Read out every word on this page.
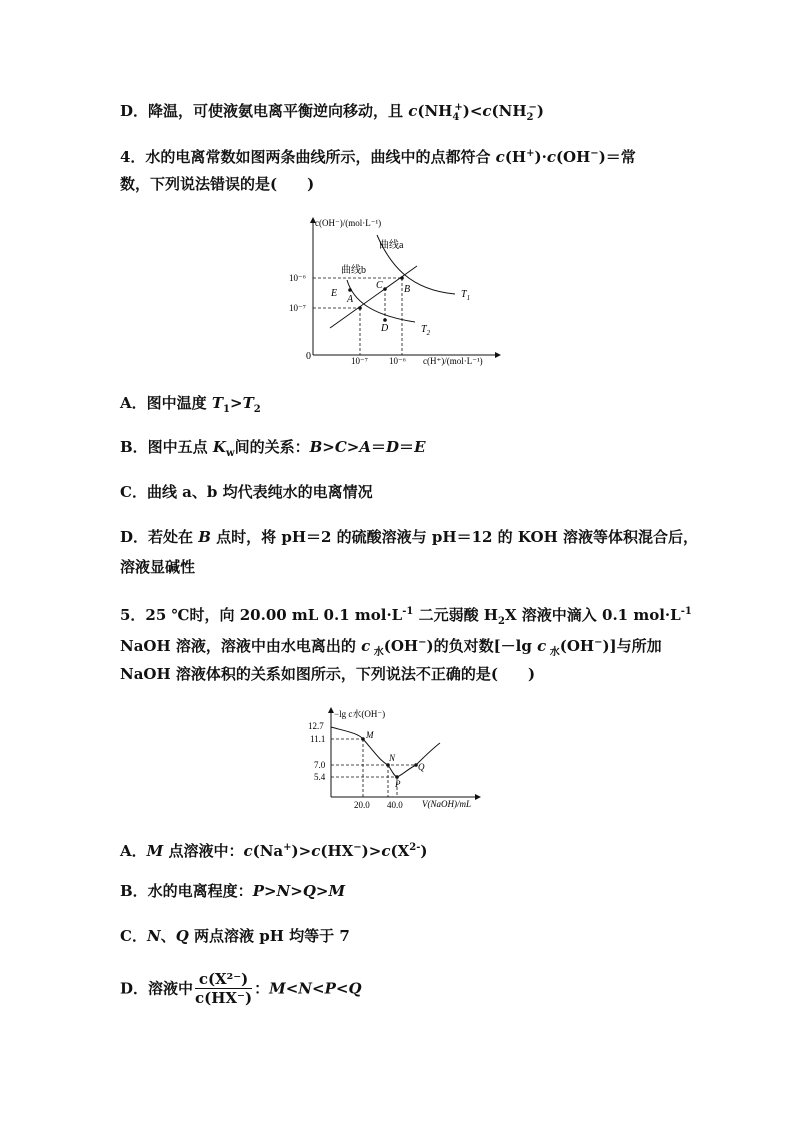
D．降温，可使液氨电离平衡逆向移动，且 $c(NH_4^+)<c(NH_2^-)$
4．水的电离常数如图两条曲线所示，曲线中的点都符合 c(H+)·c(OH−)＝常
数，下列说法错误的是(　　)
c(OH⁻)/(mol·L⁻¹)
c(H⁺)/(mol·L⁻¹)
0
10⁻⁶
10⁻⁷
10⁻⁷ 10⁻⁶
A
B
C
D
E
曲线a
曲线b
$T_1$
$T_2$
A．图中温度 $T_1>T_2$
B．图中五点 $K_w$间的关系：B>C>A＝D＝E
C．曲线 a、b 均代表纯水的电离情况
D．若处在 B 点时，将 pH＝2 的硫酸溶液与 pH＝12 的 KOH 溶液等体积混合后，
溶液显碱性
5．25 ℃时，向 20.00 mL 0.1 $mol\cdot L^{-1}$ 二元弱酸 $H_2X$ 溶液中滴入 0.1 $mol\cdot L^{-1}$
NaOH 溶液，溶液中由水电离出的 c $_水$(OH−)的负对数[－lg c $_水$(OH−)]与所加
NaOH 溶液体积的关系如图所示，下列说法不正确的是(　　)
−lg c水(OH⁻)
V(NaOH)/mL
12.7
11.1
7.0
5.4
20.0 40.0
M
N
P
Q
A．M 点溶液中：$c(Na^+)>c(HX^-)>c(X^{2-})$
B．水的电离程度：P>N>Q>M
C．N、Q 两点溶液 pH 均等于 7
D．溶液中 $\frac{\text{c(X²⁻)}}{c(HX^-)}$ ：M<N<P<Q
